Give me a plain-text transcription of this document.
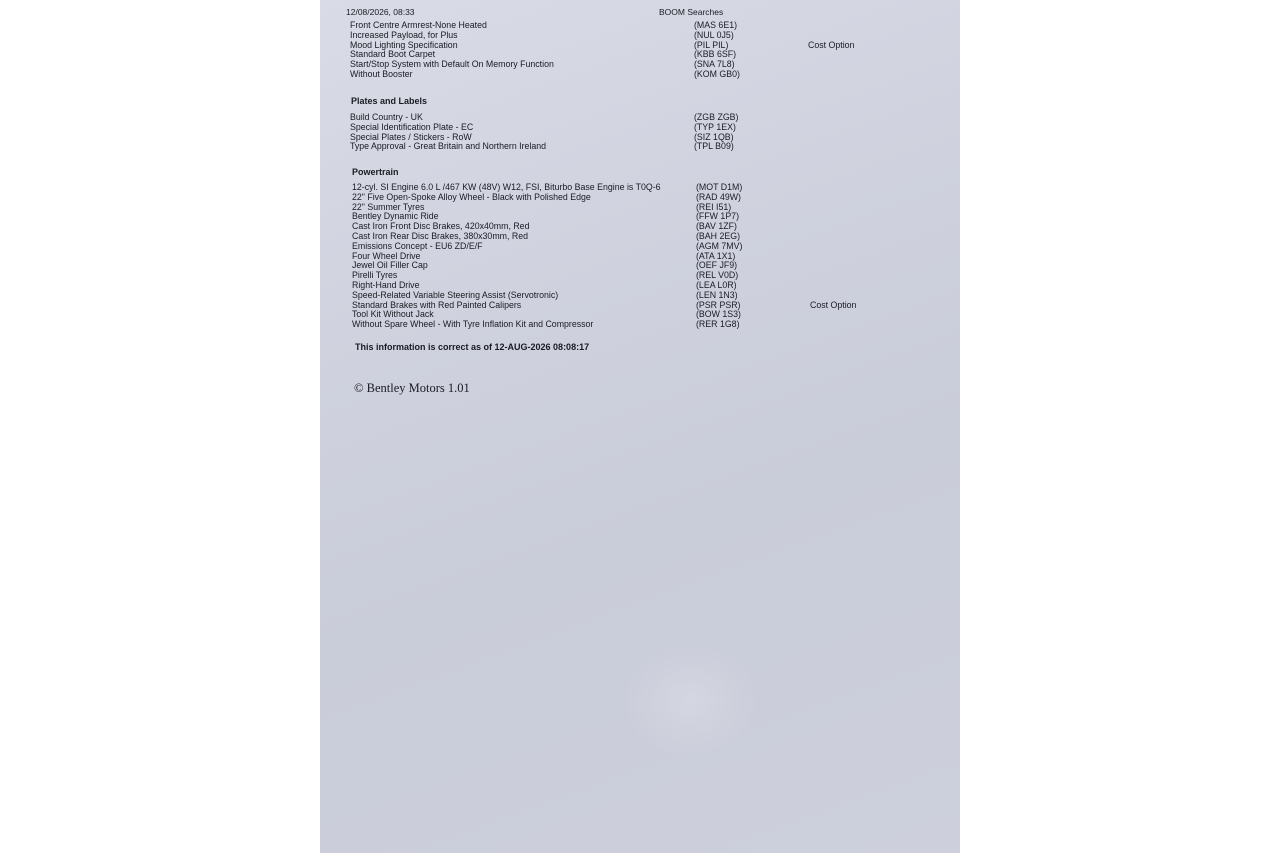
12/08/2026, 08:33	BOOM Searches
Front Centre Armrest-None Heated	(MAS 6E1)
Increased Payload, for Plus	(NUL 0J5)
Mood Lighting Specification	(PIL PIL)	Cost Option
Standard Boot Carpet	(KBB 6SF)
Start/Stop System with Default On Memory Function	(SNA 7L8)
Without Booster	(KOM GB0)
Plates and Labels
Build Country - UK	(ZGB ZGB)
Special Identification Plate - EC	(TYP 1EX)
Special Plates / Stickers - RoW	(SIZ 1QB)
Type Approval - Great Britain and Northern Ireland	(TPL B09)
Powertrain
12-cyl. SI Engine 6.0 L /467 KW (48V) W12, FSI, Biturbo Base Engine is T0Q-6	(MOT D1M)
22" Five Open-Spoke Alloy Wheel - Black with Polished Edge	(RAD 49W)
22" Summer Tyres	(REI I51)
Bentley Dynamic Ride	(FFW 1P7)
Cast Iron Front Disc Brakes, 420x40mm, Red	(BAV 1ZF)
Cast Iron Rear Disc Brakes, 380x30mm, Red	(BAH 2EG)
Emissions Concept - EU6 ZD/E/F	(AGM 7MV)
Four Wheel Drive	(ATA 1X1)
Jewel Oil Filler Cap	(OEF JF9)
Pirelli Tyres	(REL V0D)
Right-Hand Drive	(LEA L0R)
Speed-Related Variable Steering Assist (Servotronic)	(LEN 1N3)
Standard Brakes with Red Painted Calipers	(PSR PSR)	Cost Option
Tool Kit Without Jack	(BOW 1S3)
Without Spare Wheel - With Tyre Inflation Kit and Compressor	(RER 1G8)
This information is correct as of 12-AUG-2026 08:08:17
© Bentley Motors 1.01
